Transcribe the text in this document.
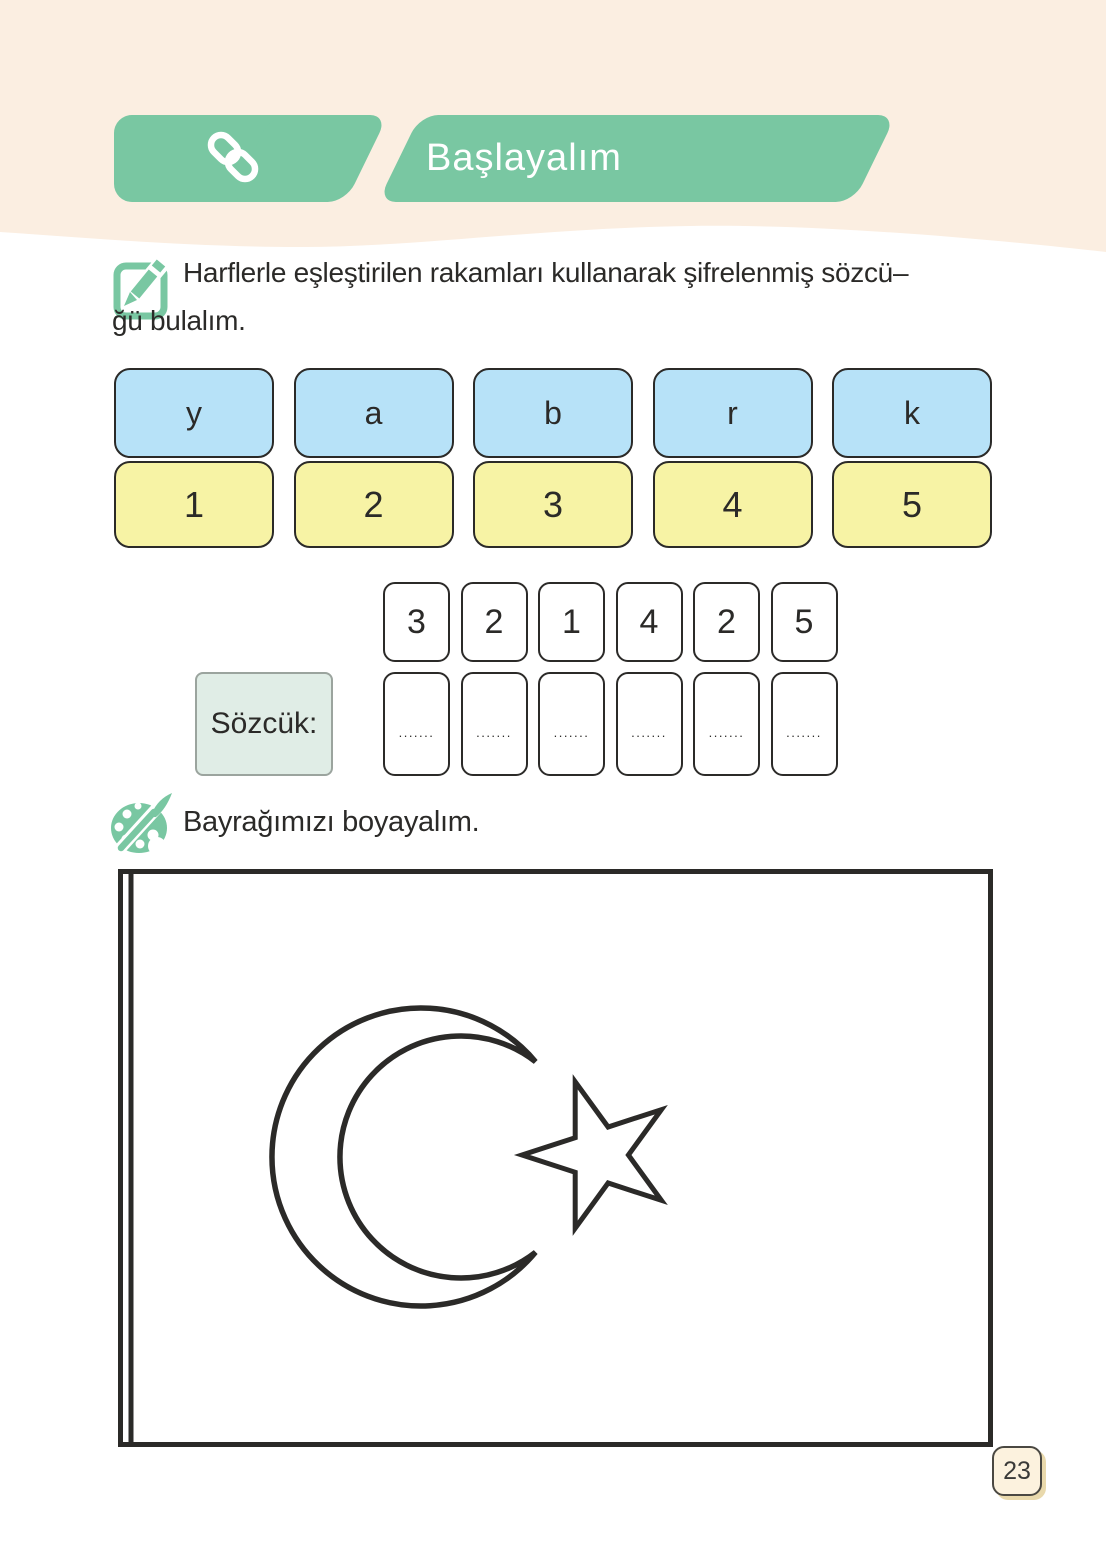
Başlayalım
Harflerle eşleştirilen rakamları kullanarak şifrelenmiş sözcü–
ğü bulalım.
y	a	b	r	k
1	2	3	4	5
3	2	1	4	2	5
Sözcük:	.......	.......	.......	.......	.......	.......
Bayrağımızı boyayalım.
23
